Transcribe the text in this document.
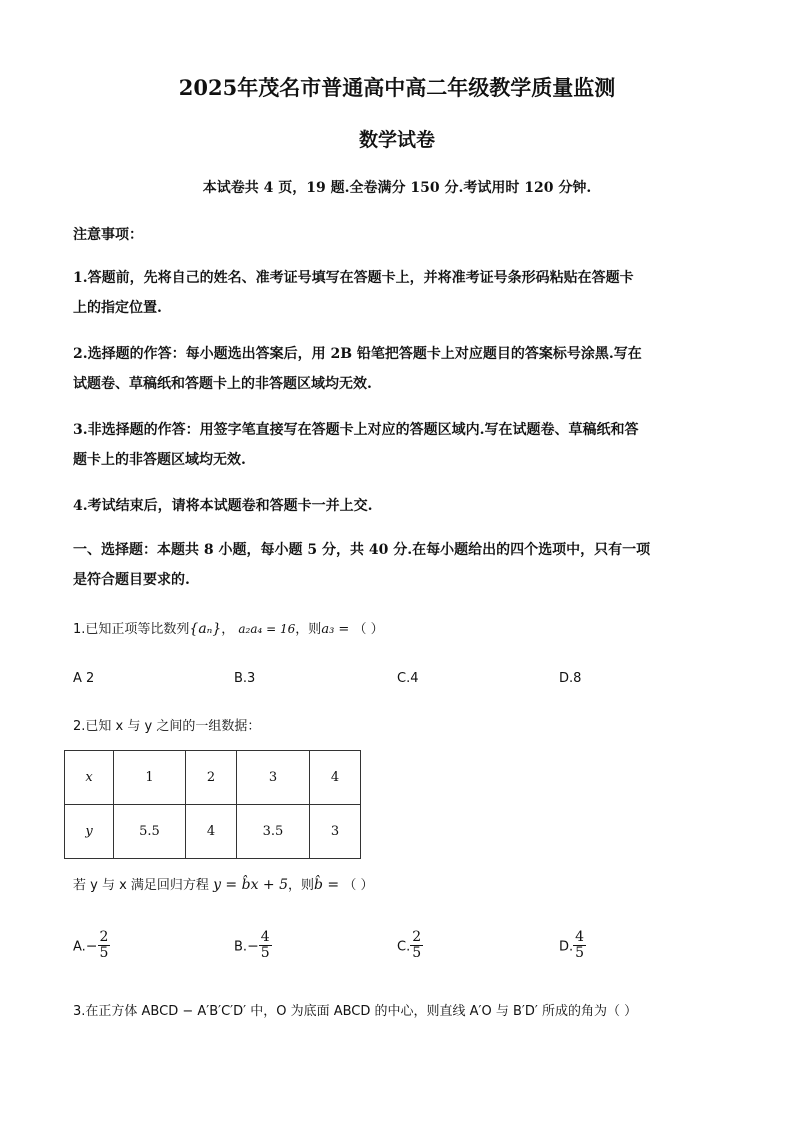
2025年茂名市普通高中高二年级教学质量监测
数学试卷
本试卷共 4 页，19 题.全卷满分 150 分.考试用时 120 分钟.
注意事项：
1.答题前，先将自己的姓名、准考证号填写在答题卡上，并将准考证号条形码粘贴在答题卡
上的指定位置.
2.选择题的作答：每小题选出答案后，用 2B 铅笔把答题卡上对应题目的答案标号涂黑.写在
试题卷、草稿纸和答题卡上的非答题区域均无效.
3.非选择题的作答：用签字笔直接写在答题卡上对应的答题区域内.写在试题卷、草稿纸和答
题卡上的非答题区域均无效.
4.考试结束后，请将本试题卷和答题卡一并上交.
一、选择题：本题共 8 小题，每小题 5 分，共 40 分.在每小题给出的四个选项中，只有一项
是符合题目要求的.
1.已知正项等比数列{aₙ}， a₂a₄ = 16，则a₃ = （ ）
A 2	B.3	C.4	D.8
2.已知 x 与 y 之间的一组数据：
x	1	2	3	4
y	5.5	4	3.5	3
若 y 与 x 满足回归方程 y = b̂x + 5，则b̂ = （ ）
$A.- \frac{2}{5}$	$B.- \frac{4}{5}$	C. $\frac{2}{5}$	D. $\frac{4}{5}$
3.在正方体 ABCD − A′B′C′D′ 中，O 为底面 ABCD 的中心，则直线 A′O 与 B′D′ 所成的角为（ ）
